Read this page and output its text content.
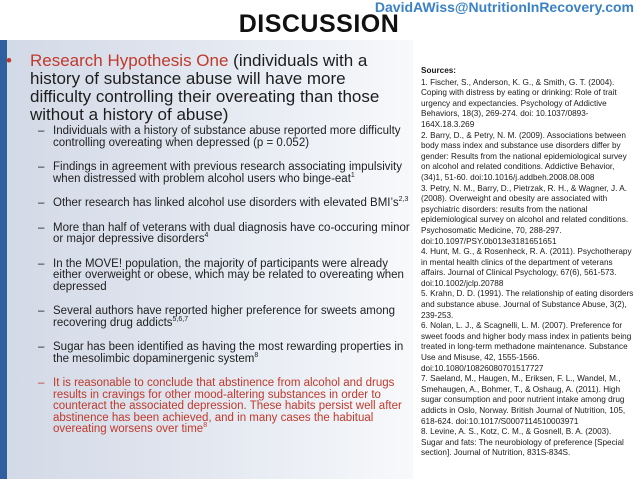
DavidAWiss@NutritionInRecovery.com
DISCUSSION
•	Research Hypothesis One (individuals with a history of substance abuse will have more difficulty controlling their overeating than those without a history of abuse)
– Individuals with a history of substance abuse reported more difficulty controlling overeating when depressed (p = 0.052)
– Findings in agreement with previous research associating impulsivity when distressed with problem alcohol users who binge-eat$^1$
– Other research has linked alcohol use disorders with elevated $BMI’s^{2,3}$
– More than half of veterans with dual diagnosis have co-occuring minor or major depressive disorders$^4$
– In the MOVE! population, the majority of participants were already either overweight or obese, which may be related to overeating when depressed
– Several authors have reported higher preference for sweets among recovering drug addicts$^{5,6,7}$
– Sugar has been identified as having the most rewarding properties in the mesolimbic dopaminergenic system$^8$
– It is reasonable to conclude that abstinence from alcohol and drugs results in cravings for other mood-altering substances in order to counteract the associated depression. These habits persist well after abstinence has been achieved, and in many cases the habitual overeating worsens over time$^8$
Sources:
1. Fischer, S., Anderson, K. G., & Smith, G. T. (2004). Coping with distress by eating or drinking: Role of trait urgency and expectancies. Psychology of Addictive Behaviors, 18(3), 269-274. doi: 10.1037/0893-164X.18.3.269
2. Barry, D., & Petry, N. M. (2009). Associations between body mass index and substance use disorders differ by gender: Results from the national epidemiological survey on alcohol and related conditions. Addictive Behavior, (34)1, 51-60. doi:10.1016/j.addbeh.2008.08.008
3. Petry, N. M., Barry, D., Pietrzak, R. H., & Wagner, J. A. (2008). Overweight and obesity are associated with psychiatric disorders: results from the national epidemiological survey on alcohol and related conditions. Psychosomatic Medicine, 70, 288-297. doi:10.1097/PSY.0b013e3181651651
4. Hunt, M. G., & Rosenheck, R. A. (2011). Psychotherapy in mental health clinics of the department of veterans affairs. Journal of Clinical Psychology, 67(6), 561-573. doi:10.1002/jclp.20788
5. Krahn, D. D. (1991). The relationship of eating disorders and substance abuse. Journal of Substance Abuse, 3(2), 239-253.
6. Nolan, L. J., & Scagnelli, L. M. (2007). Preference for sweet foods and higher body mass index in patients being treated in long-term methadone maintenance. Substance Use and Misuse, 42, 1555-1566. doi:10.1080/10826080701517727
7. Saeland, M., Haugen, M., Eriksen, F. L., Wandel, M., Smehaugen, A., Bohmer, T., & Oshaug, A. (2011). High sugar consumption and poor nutrient intake among drug addicts in Oslo, Norway. British Journal of Nutrition, 105, 618-624. doi:10.1017/S0007114510003971
8. Levine, A. S., Kotz, C. M., & Gosnell, B. A. (2003). Sugar and fats: The neurobiology of preference [Special section]. Journal of Nutrition, 831S-834S.
